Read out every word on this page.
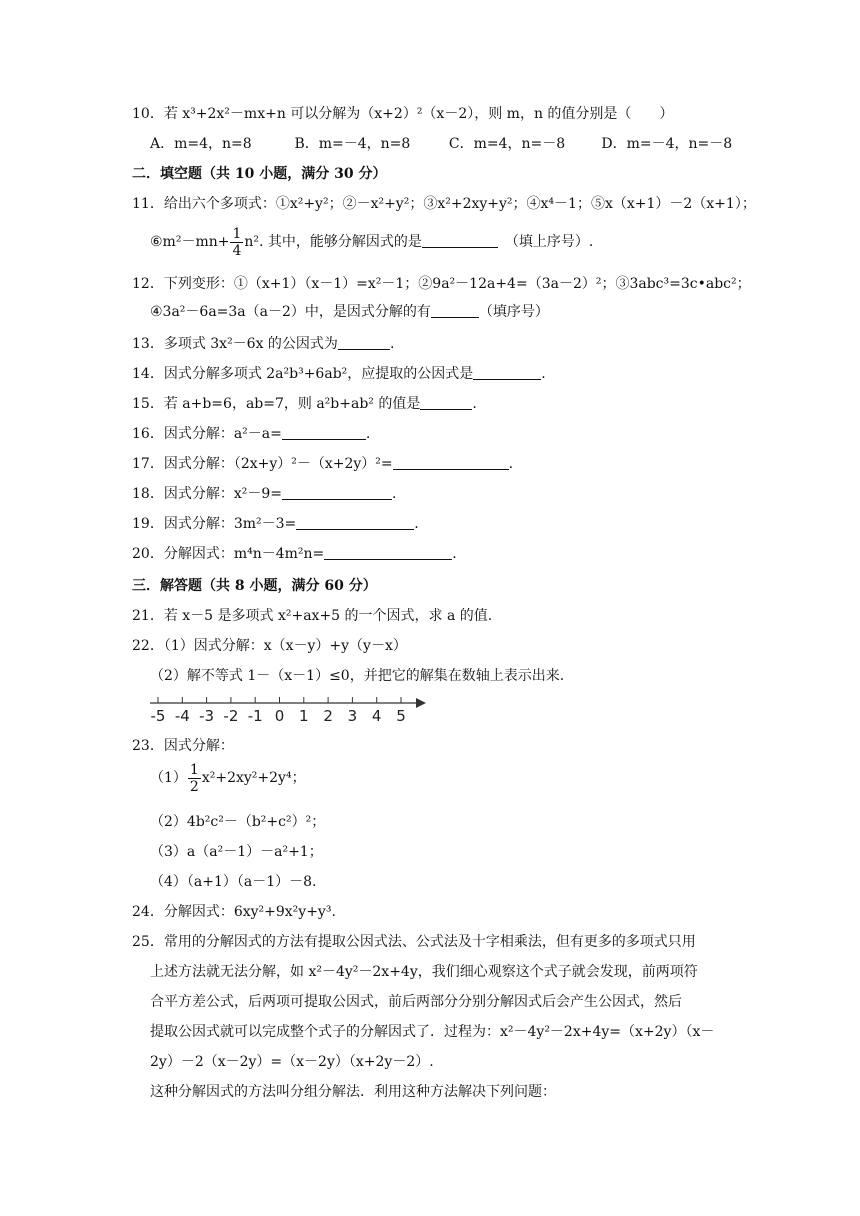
10．若 x³+2x²－mx+n 可以分解为（x+2）²（x－2），则 m，n 的值分别是（　　）
A．m=4，n=8	B．m=－4，n=8	C．m=4，n=－8	D．m=－4，n=－8
二．填空题（共 10 小题，满分 30 分）
11．给出六个多项式：①x²+y²；②－x²+y²；③x²+2xy+y²；④x⁴－1；⑤x（x+1）－2（x+1）；
⑥m²－mn+ $\frac{1}{4} n^2$. 其中，能够分解因式的是　	（填上序号）.
12．下列变形：①（x+1）（x－1）=x²－1；②9a²－12a+4=（3a－2）²；③3abc³=3c•abc²；
④3a²－6a=3a（a－2）中，是因式分解的有	（填序号）
13．多项式 3x²－6x 的公因式为	.
14．因式分解多项式 2a²b³+6ab²，应提取的公因式是	.
15．若 a+b=6，ab=7，则 a²b+ab² 的值是	.
16．因式分解：a²－a=	.
17．因式分解：（2x+y）²－（x+2y）²=	.
18．因式分解：x²－9=	.
19．因式分解：3m²－3=	.
20．分解因式：m⁴n－4m²n=	.
三．解答题（共 8 小题，满分 60 分）
21．若 x－5 是多项式 x²+ax+5 的一个因式，求 a 的值.
22．（1）因式分解：x（x－y）+y（y－x）
（2）解不等式 1－（x－1）≤0，并把它的解集在数轴上表示出来.
-5 -4 -3 -2 -1 0 1 2 3 4 5
23．因式分解：
$(1) \frac{1}{2} x^2+2xy^2+2y^4$；
（2）4b²c²－（b²+c²）²；
（3）a（a²－1）－a²+1；
（4）（a+1）（a－1）－8.
24．分解因式：6xy²+9x²y+y³.
25．常用的分解因式的方法有提取公因式法、公式法及十字相乘法，但有更多的多项式只用
上述方法就无法分解，如 x²－4y²－2x+4y，我们细心观察这个式子就会发现，前两项符
合平方差公式，后两项可提取公因式，前后两部分分别分解因式后会产生公因式，然后
提取公因式就可以完成整个式子的分解因式了．过程为：x²－4y²－2x+4y=（x+2y）（x－
2y）－2（x－2y）=（x－2y）（x+2y－2）.
这种分解因式的方法叫分组分解法．利用这种方法解决下列问题：
